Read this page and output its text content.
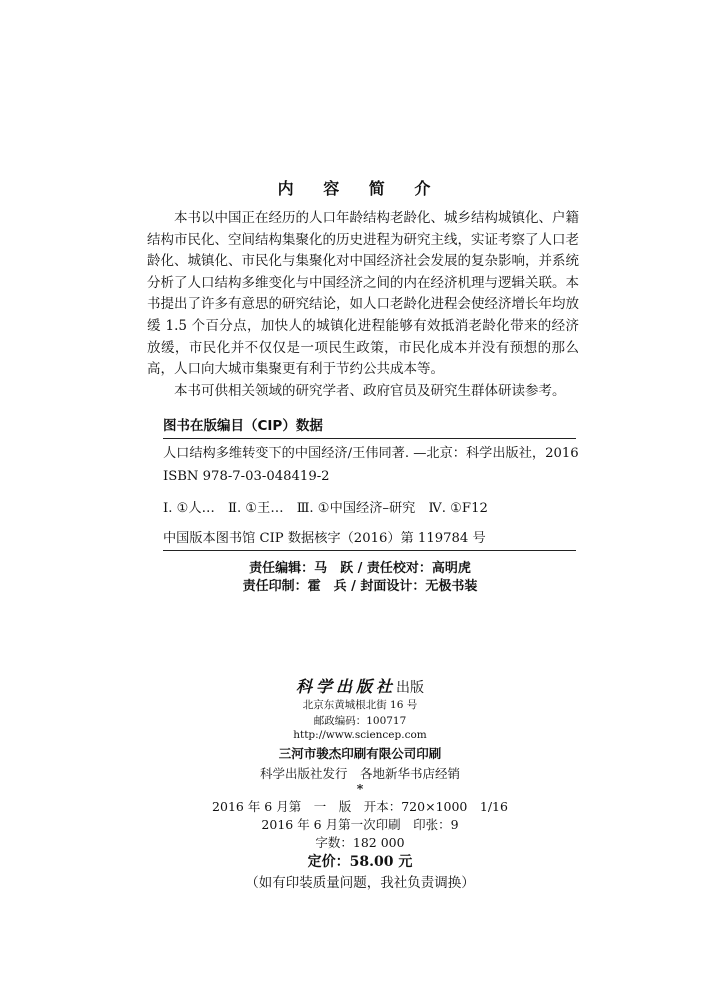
内 容 简 介

本书以中国正在经历的人口年龄结构老龄化、城乡结构城镇化、户籍结构市民化、空间结构集聚化的历史进程为研究主线，实证考察了人口老龄化、城镇化、市民化与集聚化对中国经济社会发展的复杂影响，并系统分析了人口结构多维变化与中国经济之间的内在经济机理与逻辑关联。本书提出了许多有意思的研究结论，如人口老龄化进程会使经济增长年均放缓 1.5 个百分点，加快人的城镇化进程能够有效抵消老龄化带来的经济放缓，市民化并不仅仅是一项民生政策，市民化成本并没有预想的那么高，人口向大城市集聚更有利于节约公共成本等。

本书可供相关领域的研究学者、政府官员及研究生群体研读参考。

图书在版编目（CIP）数据
人口结构多维转变下的中国经济/王伟同著. —北京：科学出版社，2016
ISBN 978-7-03-048419-2
Ⅰ. ①人…　Ⅱ. ①王…　Ⅲ. ①中国经济–研究　Ⅳ. ①F12
中国版本图书馆 CIP 数据核字（2016）第 119784 号
责任编辑：马　跃 / 责任校对：高明虎
责任印制：霍　兵 / 封面设计：无极书装
科学出版社出版
北京东黄城根北街 16 号
邮政编码：100717
http://www.sciencep.com
三河市骏杰印刷有限公司印刷
科学出版社发行　各地新华书店经销
*
2016 年 6 月第　一　版　开本：720×1000　1/16
2016 年 6 月第一次印刷　印张：9
字数：182 000
定价：58.00 元
（如有印装质量问题，我社负责调换）
